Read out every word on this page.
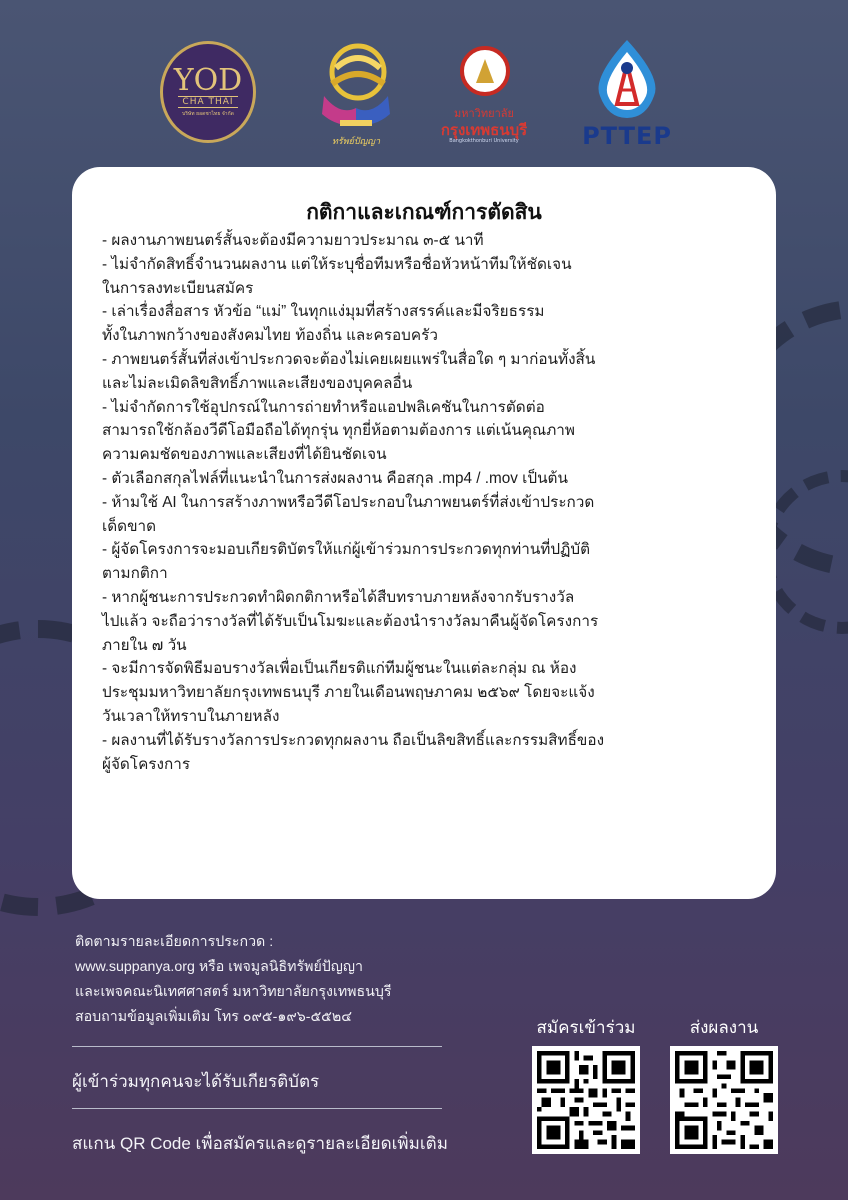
YOD
CHA THAI
บริษัท ยอดชาไทย จำกัด
ทรัพย์ปัญญา
มหาวิทยาลัย
กรุงเทพธนบุรี
Bangkokthonburi University	PTTEP
กติกาและเกณฑ์การตัดสิน
- ผลงานภาพยนตร์สั้นจะต้องมีความยาวประมาณ ๓-๕ นาที
- ไม่จำกัดสิทธิ์จำนวนผลงาน แต่ให้ระบุชื่อทีมหรือชื่อหัวหน้าทีมให้ชัดเจน
ในการลงทะเบียนสมัคร
- เล่าเรื่องสื่อสาร หัวข้อ “แม่” ในทุกแง่มุมที่สร้างสรรค์และมีจริยธรรม
ทั้งในภาพกว้างของสังคมไทย ท้องถิ่น และครอบครัว
- ภาพยนตร์สั้นที่ส่งเข้าประกวดจะต้องไม่เคยเผยแพร่ในสื่อใด ๆ มาก่อนทั้งสิ้น
และไม่ละเมิดลิขสิทธิ์ภาพและเสียงของบุคคลอื่น
- ไม่จำกัดการใช้อุปกรณ์ในการถ่ายทำหรือแอปพลิเคชันในการตัดต่อ
สามารถใช้กล้องวีดีโอมือถือได้ทุกรุ่น ทุกยี่ห้อตามต้องการ แต่เน้นคุณภาพ
ความคมชัดของภาพและเสียงที่ได้ยินชัดเจน
- ตัวเลือกสกุลไฟล์ที่แนะนำในการส่งผลงาน คือสกุล .mp4 / .mov เป็นต้น
- ห้ามใช้ AI ในการสร้างภาพหรือวีดีโอประกอบในภาพยนตร์ที่ส่งเข้าประกวด
เด็ดขาด
- ผู้จัดโครงการจะมอบเกียรติบัตรให้แก่ผู้เข้าร่วมการประกวดทุกท่านที่ปฏิบัติ
ตามกติกา
- หากผู้ชนะการประกวดทำผิดกติกาหรือได้สืบทราบภายหลังจากรับรางวัล
ไปแล้ว จะถือว่ารางวัลที่ได้รับเป็นโมฆะและต้องนำรางวัลมาคืนผู้จัดโครงการ
ภายใน ๗ วัน
- จะมีการจัดพิธีมอบรางวัลเพื่อเป็นเกียรติแก่ทีมผู้ชนะในแต่ละกลุ่ม ณ ห้อง
ประชุมมหาวิทยาลัยกรุงเทพธนบุรี ภายในเดือนพฤษภาคม ๒๕๖๙ โดยจะแจ้ง
วันเวลาให้ทราบในภายหลัง
- ผลงานที่ได้รับรางวัลการประกวดทุกผลงาน ถือเป็นลิขสิทธิ์และกรรมสิทธิ์ของ
ผู้จัดโครงการ
ติดตามรายละเอียดการประกวด :
www.suppanya.org หรือ เพจมูลนิธิทรัพย์ปัญญา
และเพจคณะนิเทศศาสตร์ มหาวิทยาลัยกรุงเทพธนบุรี
สอบถามข้อมูลเพิ่มเติม โทร ๐๙๕-๑๙๖-๕๕๒๔
ผู้เข้าร่วมทุกคนจะได้รับเกียรติบัตร
สแกน QR Code เพื่อสมัครและดูรายละเอียดเพิ่มเติม
สมัครเข้าร่วม	ส่งผลงาน
